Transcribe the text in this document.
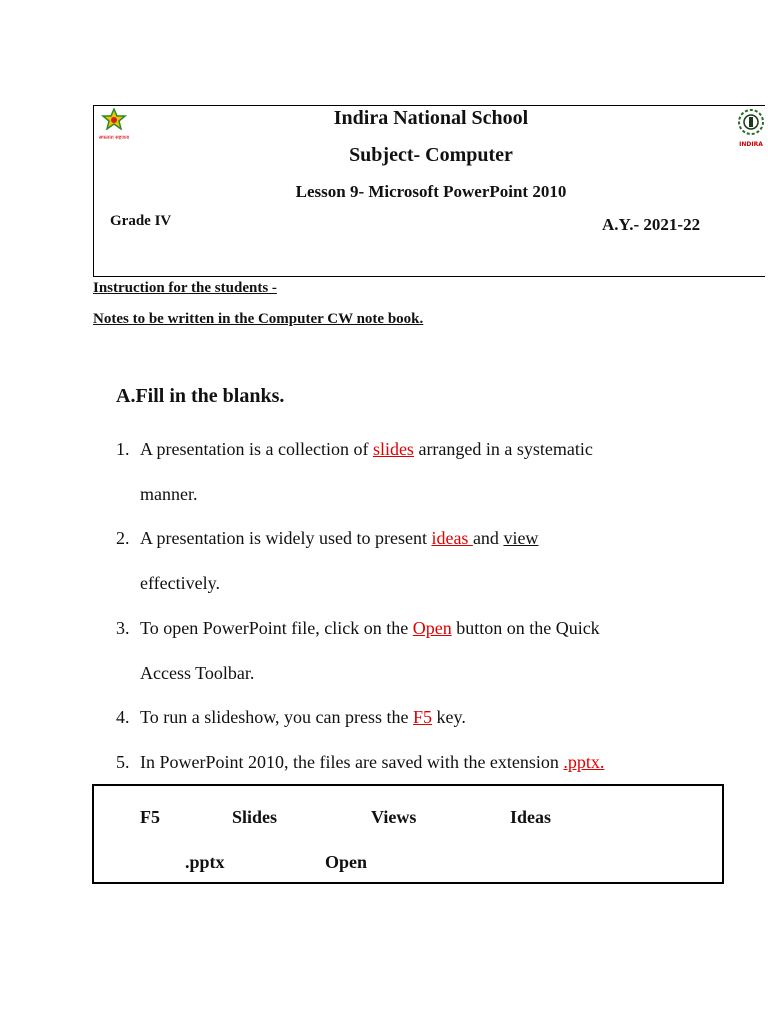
सफलता सहजता
INDIRA
Indira National School
Subject- Computer
Lesson 9- Microsoft PowerPoint 2010
Grade IV	A.Y.- 2021-22
Instruction for the students -
Notes to be written in the Computer CW note book.
A.Fill in the blanks.
1. A presentation is a collection of slides arranged in a systematic
manner.
2. A presentation is widely used to present ideas and view
effectively.
3. To open PowerPoint file, click on the Open button on the Quick
Access Toolbar.
4. To run a slideshow, you can press the F5 key.
5. In PowerPoint 2010, the files are saved with the extension .pptx.
F5	Slides	Views	Ideas
.pptx	Open
